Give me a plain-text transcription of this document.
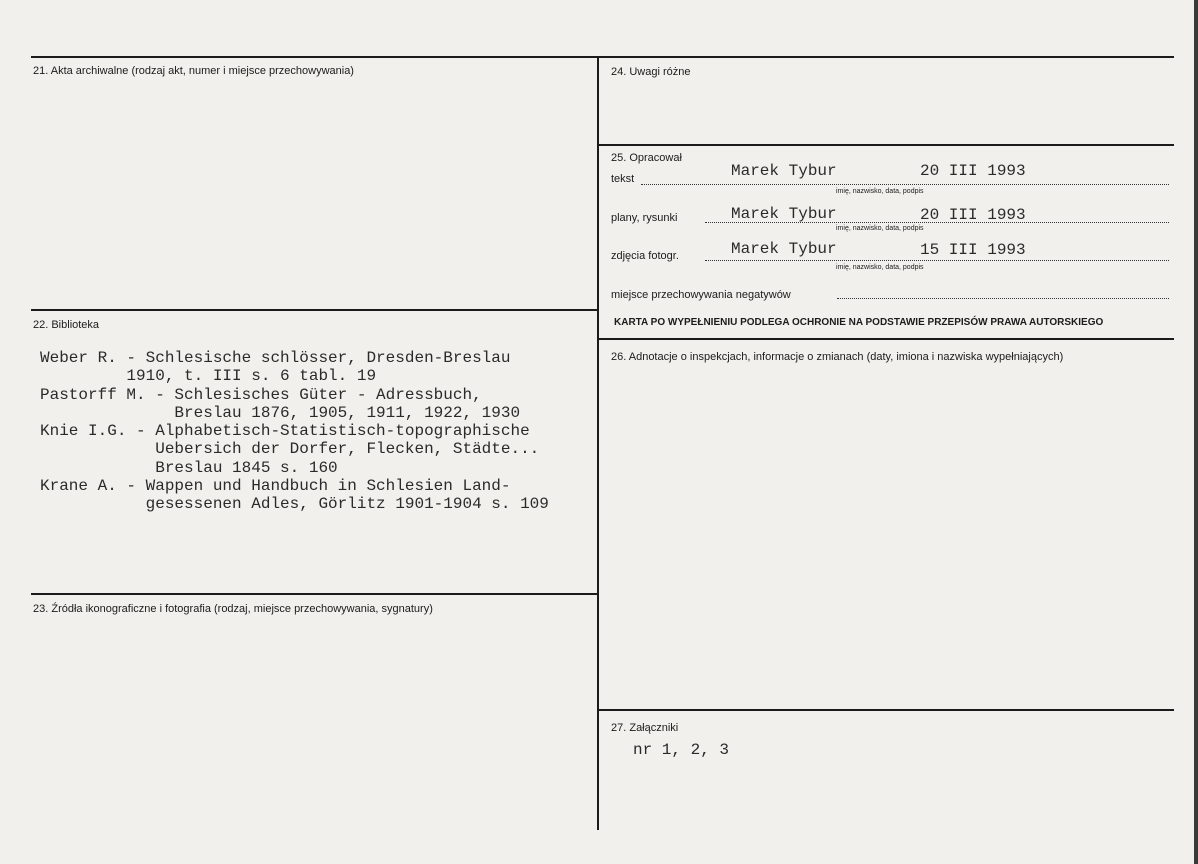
21. Akta archiwalne (rodzaj akt, numer i miejsce przechowywania)
22. Biblioteka
Weber R. - Schlesische schlösser, Dresden-Breslau
1910, t. III s. 6 tabl. 19
Pastorff M. - Schlesisches Güter - Adressbuch,
Breslau 1876, 1905, 1911, 1922, 1930
Knie I.G. - Alphabetisch-Statistisch-topographische
Uebersich der Dorfer, Flecken, Städte...
Breslau 1845 s. 160
Krane A. - Wappen und Handbuch in Schlesien Land-
gesessenen Adles, Görlitz 1901-1904 s. 109
23. Źródła ikonograficzne i fotografia (rodzaj, miejsce przechowywania, sygnatury)
24. Uwagi różne
25. Opracował
tekst	Marek Tybur	20 III 1993
imię, nazwisko, data, podpis
plany, rysunki	Marek Tybur	20 III 1993
imię, nazwisko, data, podpis
zdjęcia fotogr.	Marek Tybur	15 III 1993
imię, nazwisko, data, podpis
miejsce przechowywania negatywów
KARTA PO WYPEŁNIENIU PODLEGA OCHRONIE NA PODSTAWIE PRZEPISÓW PRAWA AUTORSKIEGO
26. Adnotacje o inspekcjach, informacje o zmianach (daty, imiona i nazwiska wypełniających)
27. Załączniki
nr 1, 2, 3
